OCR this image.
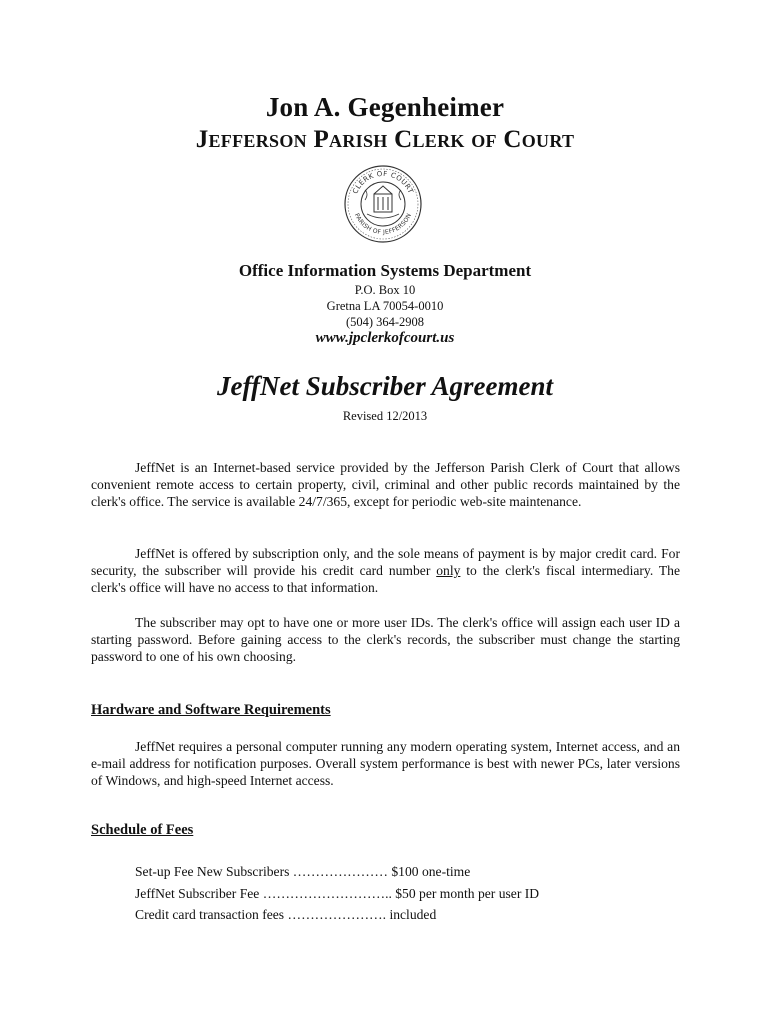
Jon A. Gegenheimer
Jefferson Parish Clerk of Court
CLERK OF COURT
PARISH OF JEFFERSON
Office Information Systems Department
P.O. Box 10
Gretna LA 70054-0010
(504) 364-2908
www.jpclerkofcourt.us
JeffNet Subscriber Agreement
Revised 12/2013
JeffNet is an Internet-based service provided by the Jefferson Parish Clerk of Court that allows convenient remote access to certain property, civil, criminal and other public records maintained by the clerk's office. The service is available 24/7/365, except for periodic web-site maintenance.
JeffNet is offered by subscription only, and the sole means of payment is by major credit card. For security, the subscriber will provide his credit card number only to the clerk's fiscal intermediary. The clerk's office will have no access to that information.
The subscriber may opt to have one or more user IDs. The clerk's office will assign each user ID a starting password. Before gaining access to the clerk's records, the subscriber must change the starting password to one of his own choosing.
Hardware and Software Requirements
JeffNet requires a personal computer running any modern operating system, Internet access, and an e-mail address for notification purposes. Overall system performance is best with newer PCs, later versions of Windows, and high-speed Internet access.
Schedule of Fees
Set-up Fee New Subscribers ………………… $100 one-time
JeffNet Subscriber Fee ……………………….. $50 per month per user ID
Credit card transaction fees …………………. included
